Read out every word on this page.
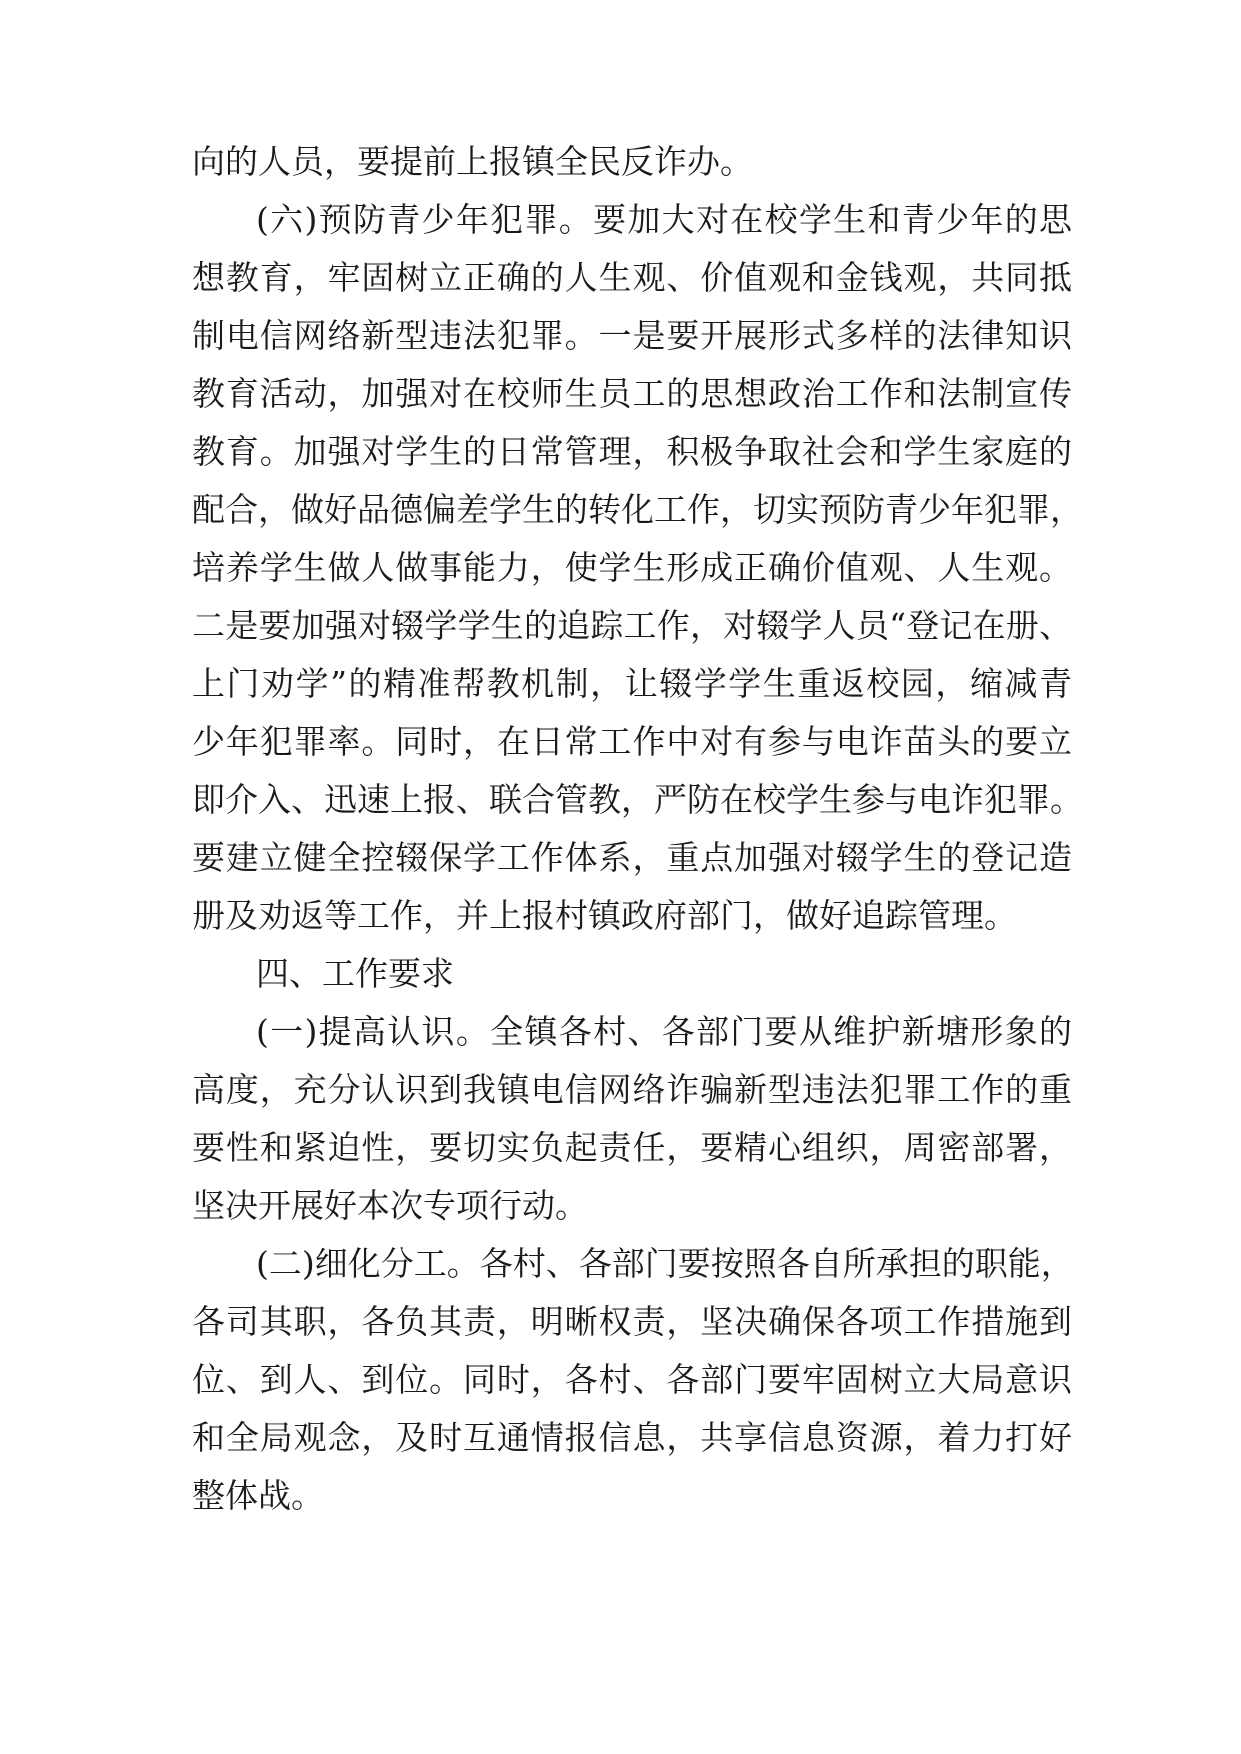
向的人员，要提前上报镇全民反诈办。
(六)预防青少年犯罪。要加大对在校学生和青少年的思
想教育，牢固树立正确的人生观、价值观和金钱观，共同抵
制电信网络新型违法犯罪。一是要开展形式多样的法律知识
教育活动，加强对在校师生员工的思想政治工作和法制宣传
教育。加强对学生的日常管理，积极争取社会和学生家庭的
配合，做好品德偏差学生的转化工作，切实预防青少年犯罪，
培养学生做人做事能力，使学生形成正确价值观、人生观。
二是要加强对辍学学生的追踪工作，对辍学人员“登记在册、
上门劝学”的精准帮教机制，让辍学学生重返校园，缩减青
少年犯罪率。同时，在日常工作中对有参与电诈苗头的要立
即介入、迅速上报、联合管教，严防在校学生参与电诈犯罪。
要建立健全控辍保学工作体系，重点加强对辍学生的登记造
册及劝返等工作，并上报村镇政府部门，做好追踪管理。
四、工作要求
(一)提高认识。全镇各村、各部门要从维护新塘形象的
高度，充分认识到我镇电信网络诈骗新型违法犯罪工作的重
要性和紧迫性，要切实负起责任，要精心组织，周密部署，
坚决开展好本次专项行动。
(二)细化分工。各村、各部门要按照各自所承担的职能，
各司其职，各负其责，明晰权责，坚决确保各项工作措施到
位、到人、到位。同时，各村、各部门要牢固树立大局意识
和全局观念，及时互通情报信息，共享信息资源，着力打好
整体战。
